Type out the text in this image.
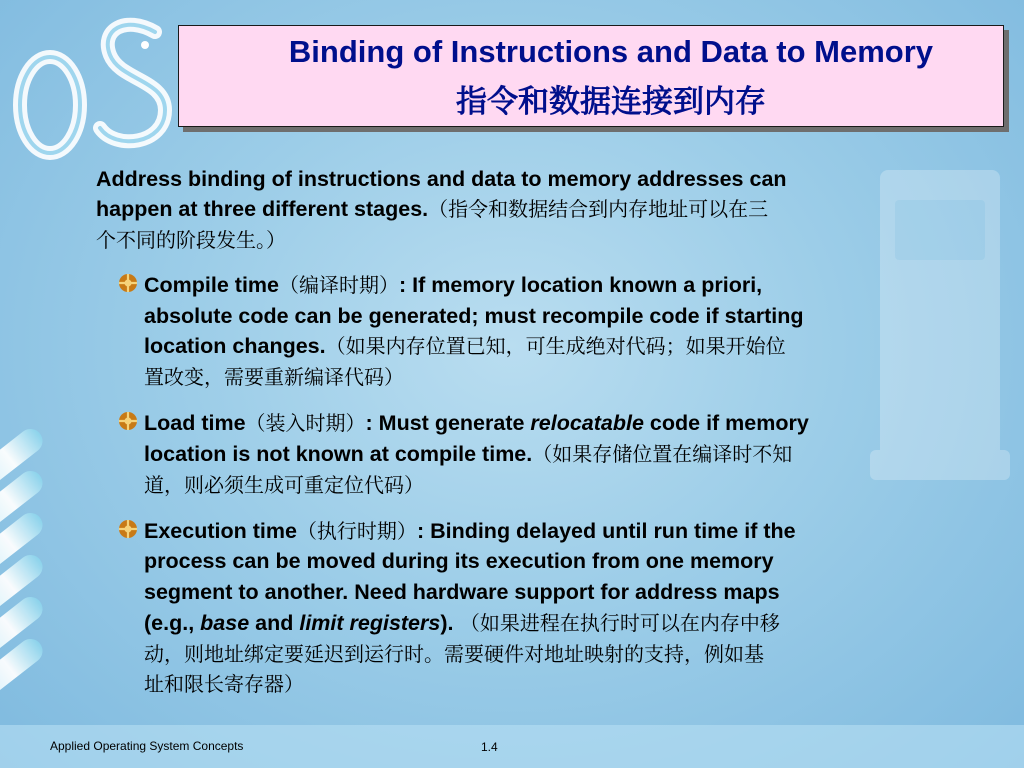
Binding of Instructions and Data to Memory
指令和数据连接到内存
Address binding of instructions and data to memory addresses can
happen at three different stages.（指令和数据结合到内存地址可以在三
个不同的阶段发生。）
Compile time（编译时期）: If memory location known a priori,
absolute code can be generated; must recompile code if starting
location changes.（如果内存位置已知，可生成绝对代码；如果开始位
置改变，需要重新编译代码）
Load time（装入时期）: Must generate relocatable code if memory
location is not known at compile time.（如果存储位置在编译时不知
道，则必须生成可重定位代码）
Execution time（执行时期）: Binding delayed until run time if the
process can be moved during its execution from one memory
segment to another. Need hardware support for address maps
(e.g., base and limit registers). （如果进程在执行时可以在内存中移
动，则地址绑定要延迟到运行时。需要硬件对地址映射的支持，例如基
址和限长寄存器）
Applied Operating System Concepts	1.4
